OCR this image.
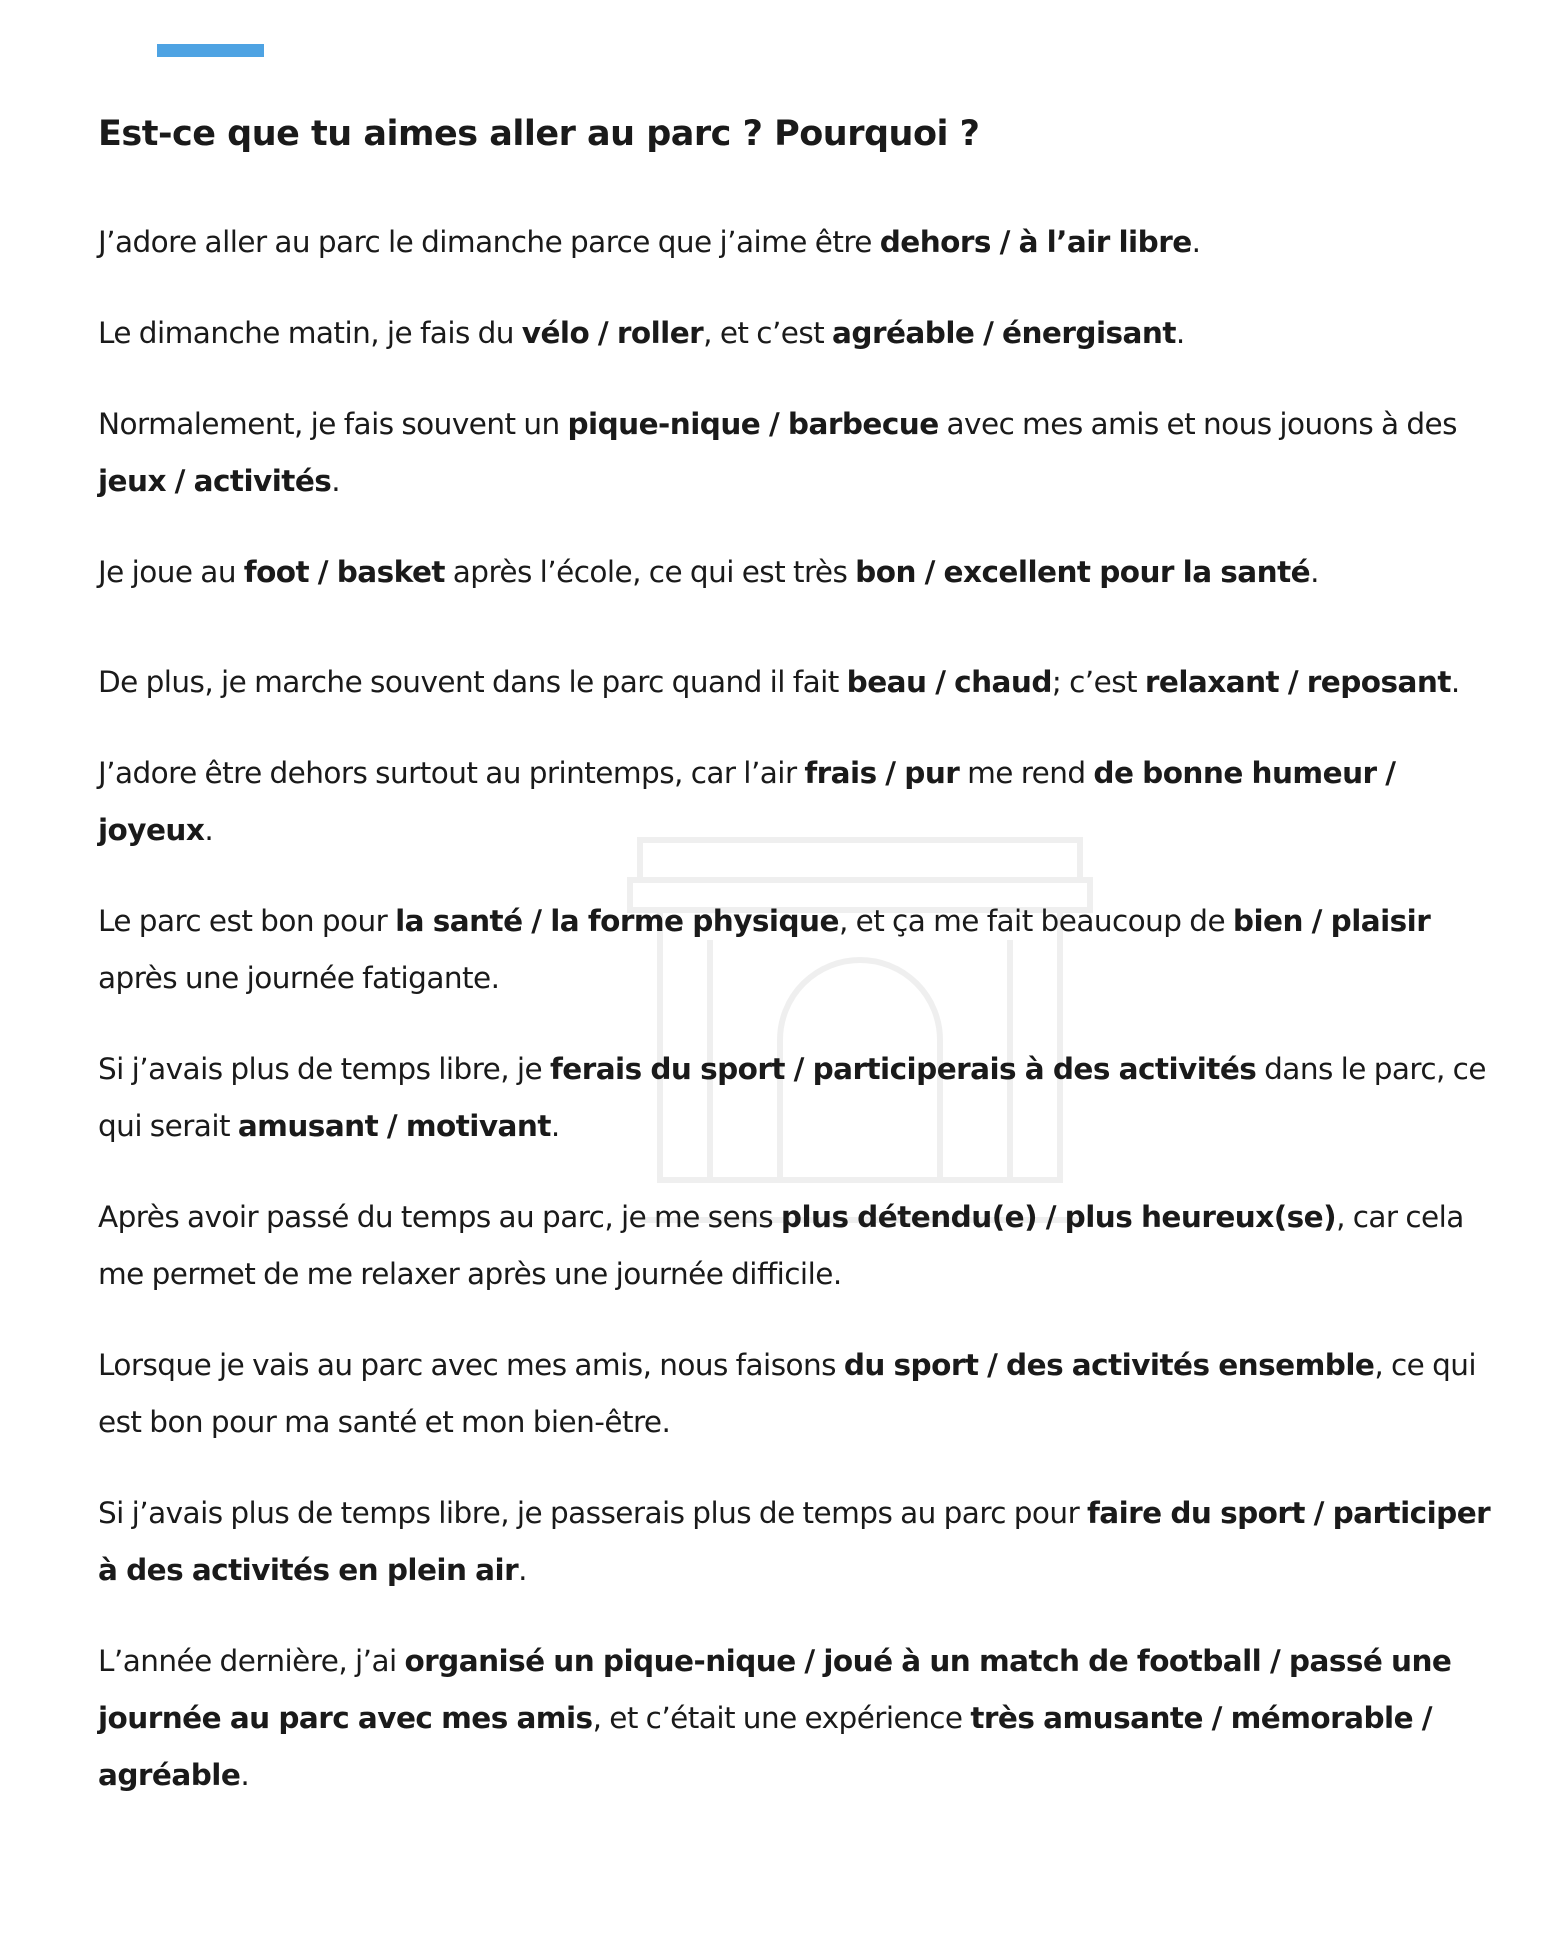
Est-ce que tu aimes aller au parc ? Pourquoi ?

J’adore aller au parc le dimanche parce que j’aime être dehors / à l’air libre.

Le dimanche matin, je fais du vélo / roller, et c’est agréable / énergisant.

Normalement, je fais souvent un pique-nique / barbecue avec mes amis et nous jouons à des jeux / activités.

Je joue au foot / basket après l’école, ce qui est très bon / excellent pour la santé.

De plus, je marche souvent dans le parc quand il fait beau / chaud; c’est relaxant / reposant.

J’adore être dehors surtout au printemps, car l’air frais / pur me rend de bonne humeur / joyeux.

Le parc est bon pour la santé / la forme physique, et ça me fait beaucoup de bien / plaisir après une journée fatigante.

Si j’avais plus de temps libre, je ferais du sport / participerais à des activités dans le parc, ce qui serait amusant / motivant.

Après avoir passé du temps au parc, je me sens plus détendu(e) / plus heureux(se), car cela me permet de me relaxer après une journée difficile.

Lorsque je vais au parc avec mes amis, nous faisons du sport / des activités ensemble, ce qui est bon pour ma santé et mon bien-être.

Si j’avais plus de temps libre, je passerais plus de temps au parc pour faire du sport / participer à des activités en plein air.

L’année dernière, j’ai organisé un pique-nique / joué à un match de football / passé une journée au parc avec mes amis, et c’était une expérience très amusante / mémorable / agréable.
